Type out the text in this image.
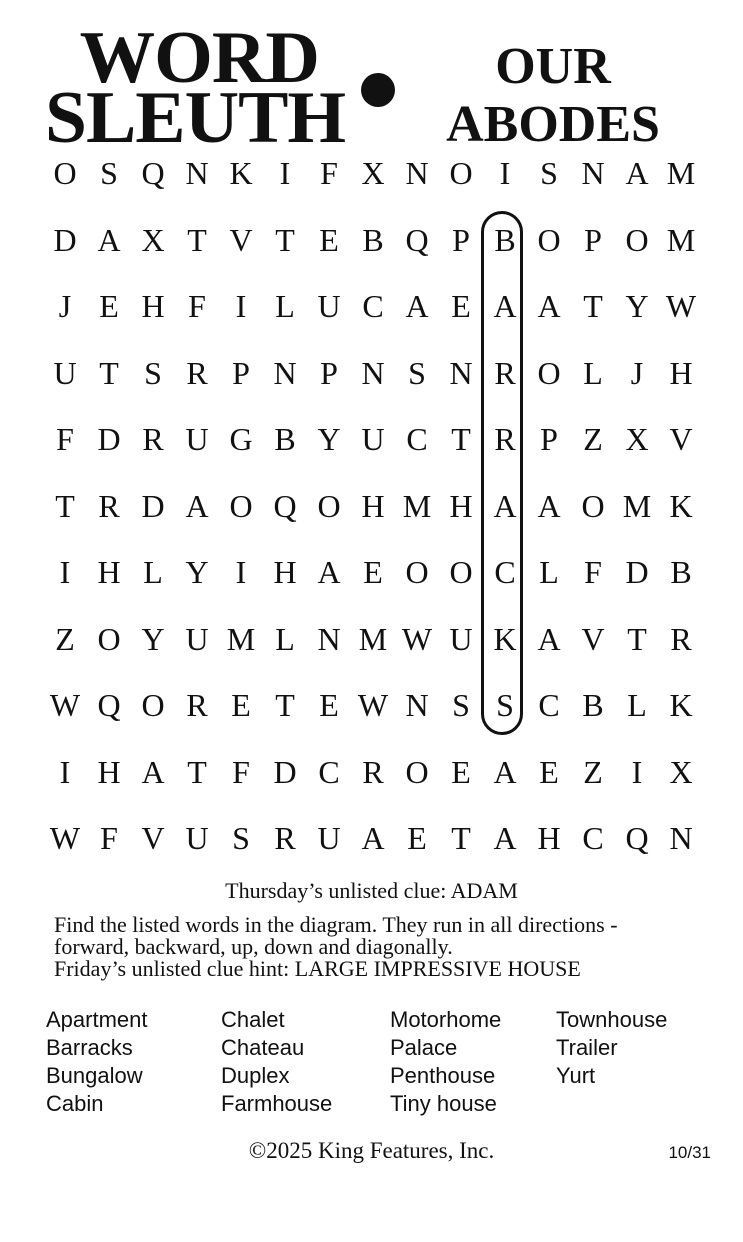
WORD
SLEUTH
OUR
ABODES
O S Q N K I F X N O I S N A M
D A X T V T E B Q P B O P O M
J E H F I L U C A E A A T Y W
U T S R P N P N S N R O L J H
F D R U G B Y U C T R P Z X V
T R D A O Q O H M H A A O M K
I H L Y I H A E O O C L F D B
Z O Y U M L N M W U K A V T R
W Q O R E T E W N S S C B L K
I H A T F D C R O E A E Z I X
W F V U S R U A E T A H C Q N
Thursday’s unlisted clue: ADAM
Find the listed words in the diagram. They run in all directions -
forward, backward, up, down and diagonally.
Friday’s unlisted clue hint: LARGE IMPRESSIVE HOUSE
Apartment
Barracks
Bungalow
Cabin
Chalet
Chateau
Duplex
Farmhouse
Motorhome
Palace
Penthouse
Tiny house
Townhouse
Trailer
Yurt
©2025 King Features, Inc.	10/31
